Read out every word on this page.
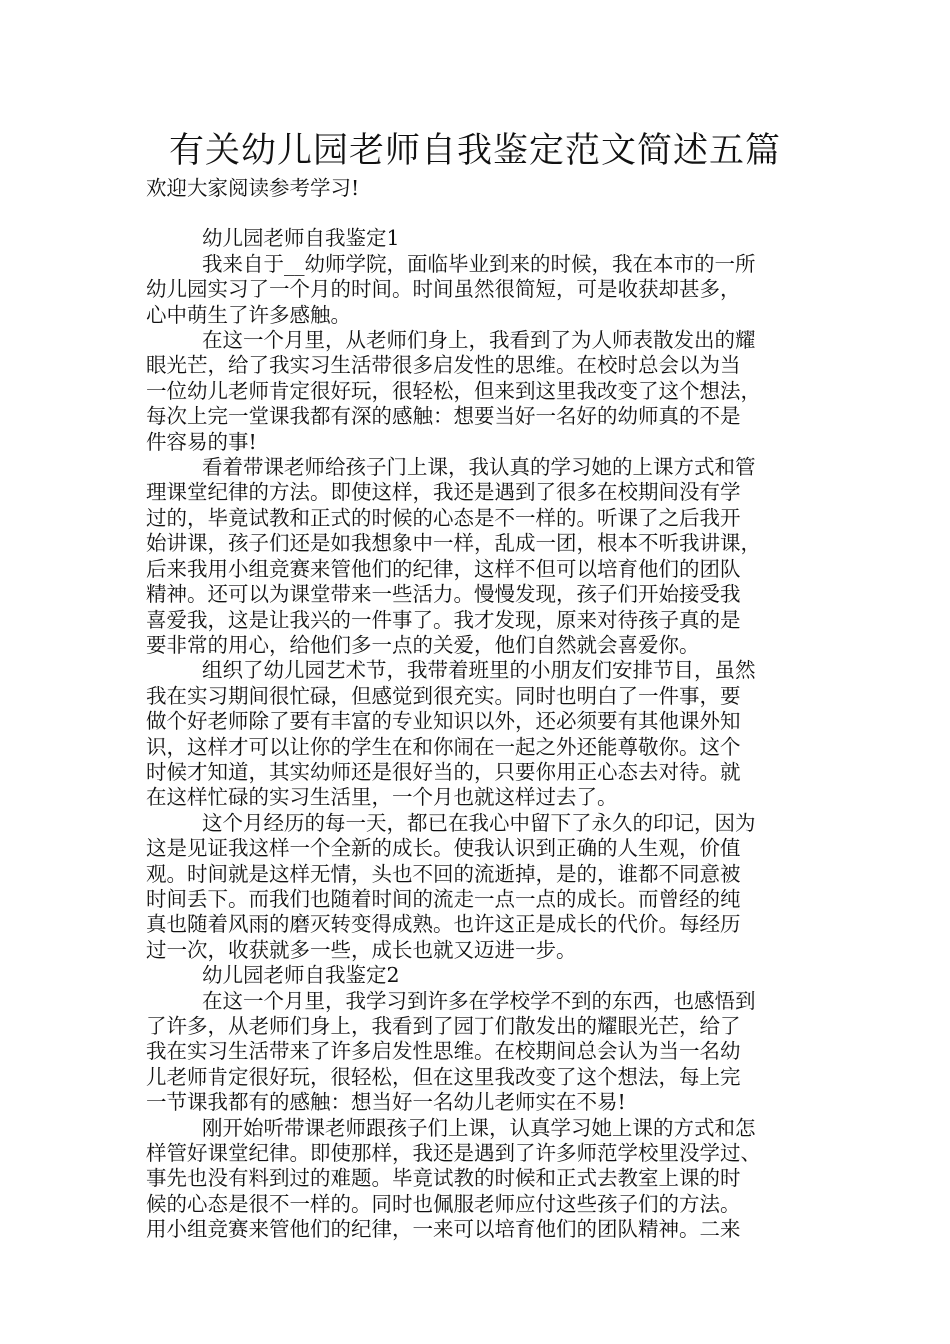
有关幼儿园老师自我鉴定范文简述五篇

欢迎大家阅读参考学习!

幼儿园老师自我鉴定1

我来自于__幼师学院，面临毕业到来的时候，我在本市的一所
幼儿园实习了一个月的时间。时间虽然很简短，可是收获却甚多，
心中萌生了许多感触。
在这一个月里，从老师们身上，我看到了为人师表散发出的耀
眼光芒，给了我实习生活带很多启发性的思维。在校时总会以为当
一位幼儿老师肯定很好玩，很轻松，但来到这里我改变了这个想法，
每次上完一堂课我都有深的感触：想要当好一名好的幼师真的不是
件容易的事!
看着带课老师给孩子门上课，我认真的学习她的上课方式和管
理课堂纪律的方法。即使这样，我还是遇到了很多在校期间没有学
过的，毕竟试教和正式的时候的心态是不一样的。听课了之后我开
始讲课，孩子们还是如我想象中一样，乱成一团，根本不听我讲课，
后来我用小组竞赛来管他们的纪律，这样不但可以培育他们的团队
精神。还可以为课堂带来一些活力。慢慢发现，孩子们开始接受我
喜爱我，这是让我兴的一件事了。我才发现，原来对待孩子真的是
要非常的用心，给他们多一点的关爱，他们自然就会喜爱你。
组织了幼儿园艺术节，我带着班里的小朋友们安排节目，虽然
我在实习期间很忙碌，但感觉到很充实。同时也明白了一件事，要
做个好老师除了要有丰富的专业知识以外，还必须要有其他课外知
识，这样才可以让你的学生在和你闹在一起之外还能尊敬你。这个
时候才知道，其实幼师还是很好当的，只要你用正心态去对待。就
在这样忙碌的实习生活里，一个月也就这样过去了。
这个月经历的每一天，都已在我心中留下了永久的印记，因为
这是见证我这样一个全新的成长。使我认识到正确的人生观，价值
观。时间就是这样无情，头也不回的流逝掉，是的，谁都不同意被
时间丢下。而我们也随着时间的流走一点一点的成长。而曾经的纯
真也随着风雨的磨灭转变得成熟。也许这正是成长的代价。每经历
过一次，收获就多一些，成长也就又迈进一步。

幼儿园老师自我鉴定2

在这一个月里，我学习到许多在学校学不到的东西，也感悟到
了许多，从老师们身上，我看到了园丁们散发出的耀眼光芒，给了
我在实习生活带来了许多启发性思维。在校期间总会认为当一名幼
儿老师肯定很好玩，很轻松，但在这里我改变了这个想法，每上完
一节课我都有的感触：想当好一名幼儿老师实在不易!
刚开始听带课老师跟孩子们上课，认真学习她上课的方式和怎
样管好课堂纪律。即使那样，我还是遇到了许多师范学校里没学过、
事先也没有料到过的难题。毕竟试教的时候和正式去教室上课的时
候的心态是很不一样的。同时也佩服老师应付这些孩子们的方法。
用小组竞赛来管他们的纪律，一来可以培育他们的团队精神。二来
